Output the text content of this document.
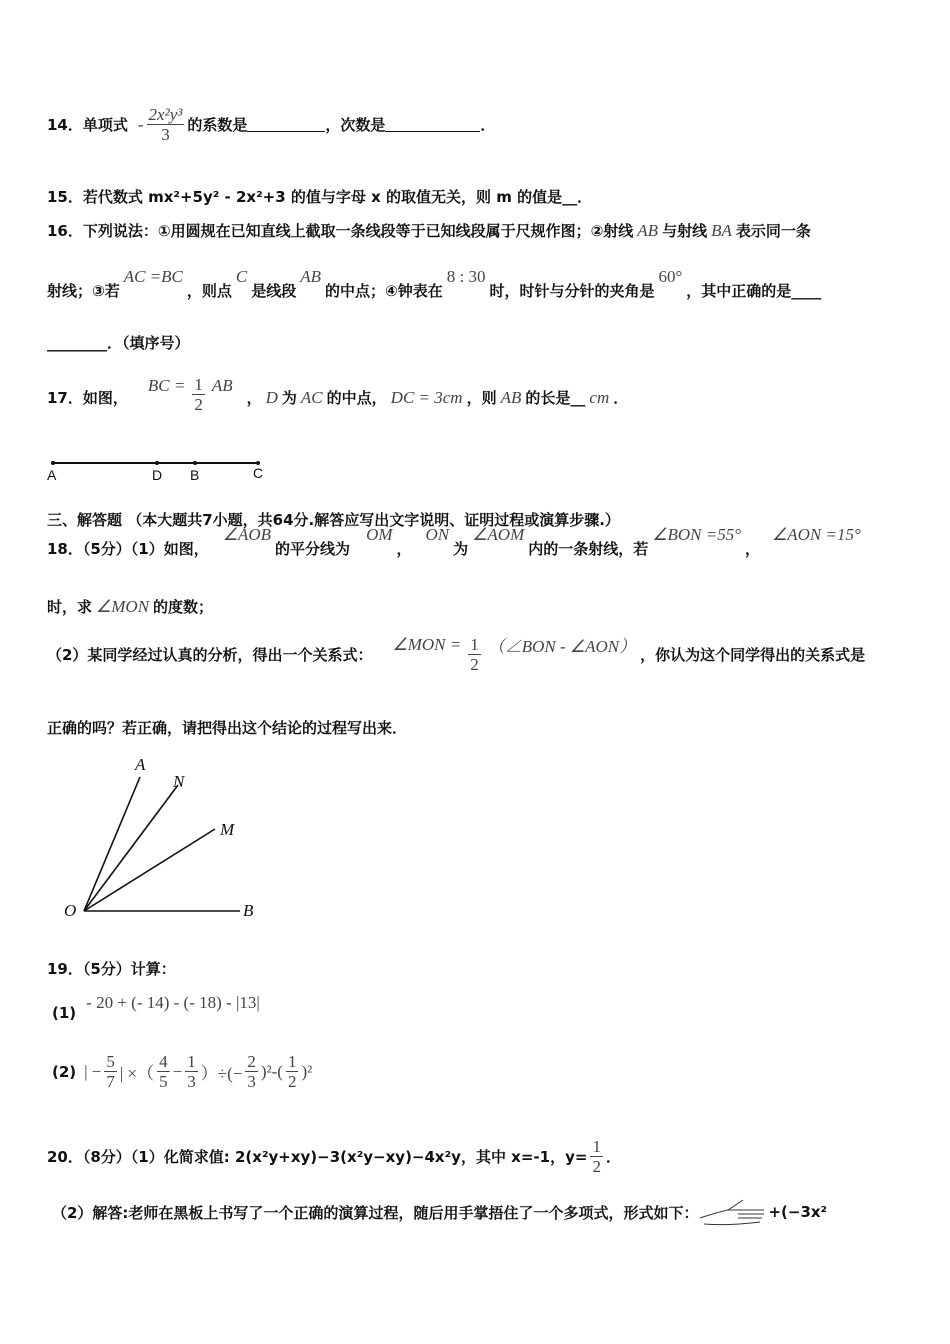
14．单项式 - $\frac{\text{2x²y³}}{3}$ 的系数是	，次数是	．
15．若代数式 mx²+5y² - 2x²+3 的值与字母 x 的取值无关，则 m 的值是__．
16．下列说法：①用圆规在已知直线上截取一条线段等于已知线段属于尺规作图；②射线 AB 与射线 BA 表示同一条
射线；③若
AC =BC
，则点
C
是线段
AB
的中点；④钟表在
8 : 30
时，时针与分针的夹角是
60°
，其中正确的是____
________．（填序号）
17．如图，
BC = $\frac{1}{2}$ AB
， D 为 AC 的中点， DC = 3cm ，则 AB 的长是__ cm ．
A	D B	C
三、解答题 （本大题共7小题，共64分.解答应写出文字说明、证明过程或演算步骤.）
18．（5分）（1）如图，
∠AOB
的平分线为
OM
，
ON
为
∠AOM
内的一条射线，若
∠BON =55°
，
∠AON =15°
时，求 ∠MON 的度数；
（2）某同学经过认真的分析，得出一个关系式：
∠MON = $\frac{1}{2}$ （∠BON - ∠AON） ，你认为这个同学得出的关系式是
正确的吗？若正确，请把得出这个结论的过程写出来．
A
N
M
O	B
19．（5分）计算：
(1)
- 20 + (- 14) - (- 18) - |13|
(2) | − $\frac{5}{7}$ | ×（ $\frac{4}{5} - \frac{1}{3}$ ）÷(− $\frac{2}{3} )^2-( \frac{1}{2} )^2$
20．（8分）（1）化简求值: 2(x²y+xy)−3(x²y−xy)−4x²y，其中 x=-1，$y= \frac{1}{2}$ ．
（2）解答:老师在黑板上书写了一个正确的演算过程，随后用手掌捂住了一个多项式，形式如下：	+(−3x²
